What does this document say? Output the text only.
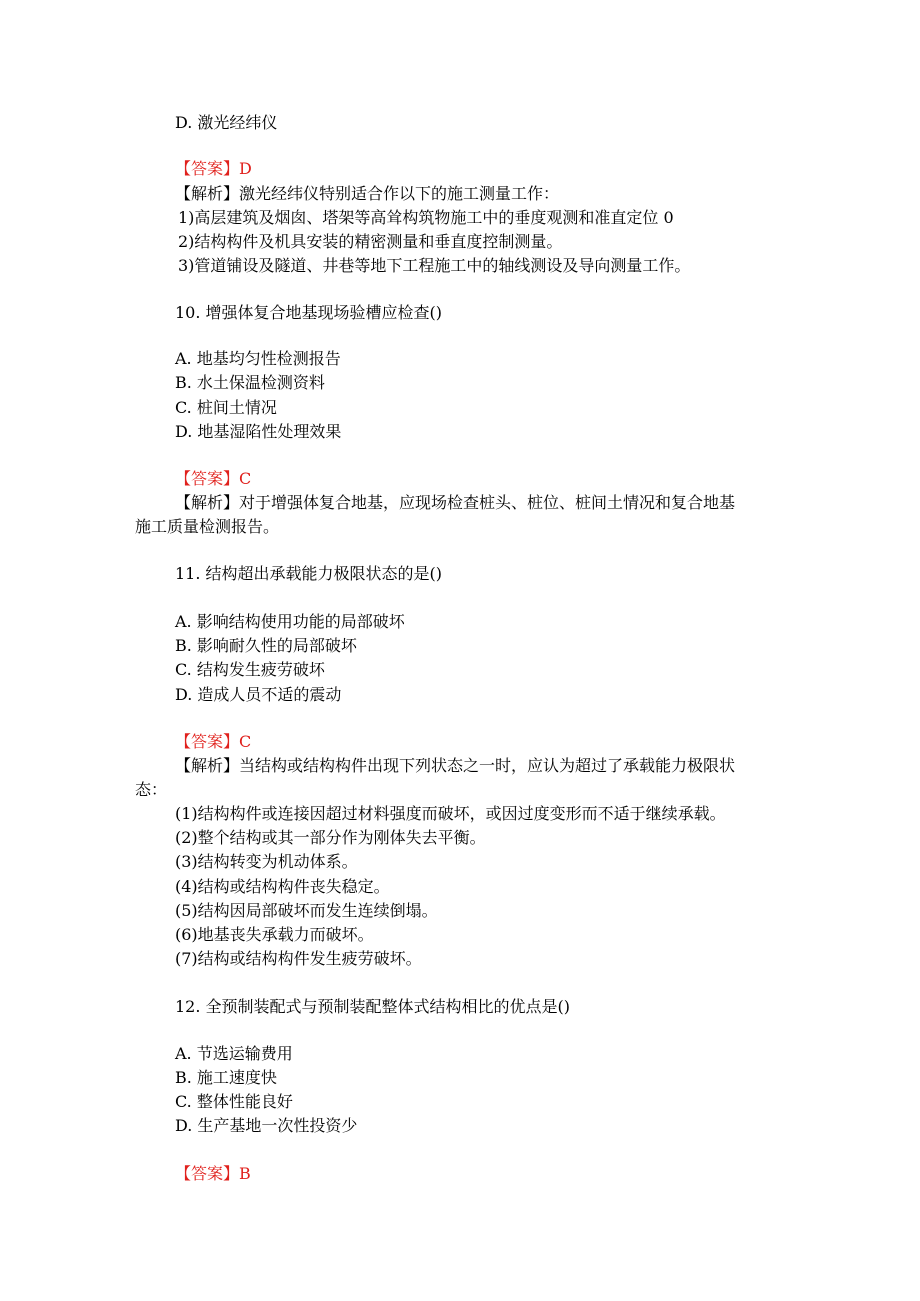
D. 激光经纬仪
【答案】D
【解析】激光经纬仪特别适合作以下的施工测量工作：
1)高层建筑及烟囱、塔架等高耸构筑物施工中的垂度观测和准直定位 0
2)结构构件及机具安装的精密测量和垂直度控制测量。
3)管道铺设及隧道、井巷等地下工程施工中的轴线测设及导向测量工作。
10. 增强体复合地基现场验槽应检查()
A. 地基均匀性检测报告
B. 水土保温检测资料
C. 桩间土情况
D. 地基湿陷性处理效果
【答案】C
【解析】对于增强体复合地基，应现场检查桩头、桩位、桩间土情况和复合地基
施工质量检测报告。
11. 结构超出承载能力极限状态的是()
A. 影响结构使用功能的局部破坏
B. 影响耐久性的局部破坏
C. 结构发生疲劳破坏
D. 造成人员不适的震动
【答案】C
【解析】当结构或结构构件出现下列状态之一时，应认为超过了承载能力极限状
态：
(1)结构构件或连接因超过材料强度而破坏，或因过度变形而不适于继续承载。
(2)整个结构或其一部分作为刚体失去平衡。
(3)结构转变为机动体系。
(4)结构或结构构件丧失稳定。
(5)结构因局部破坏而发生连续倒塌。
(6)地基丧失承载力而破坏。
(7)结构或结构构件发生疲劳破坏。
12. 全预制装配式与预制装配整体式结构相比的优点是()
A. 节选运输费用
B. 施工速度快
C. 整体性能良好
D. 生产基地一次性投资少
【答案】B
